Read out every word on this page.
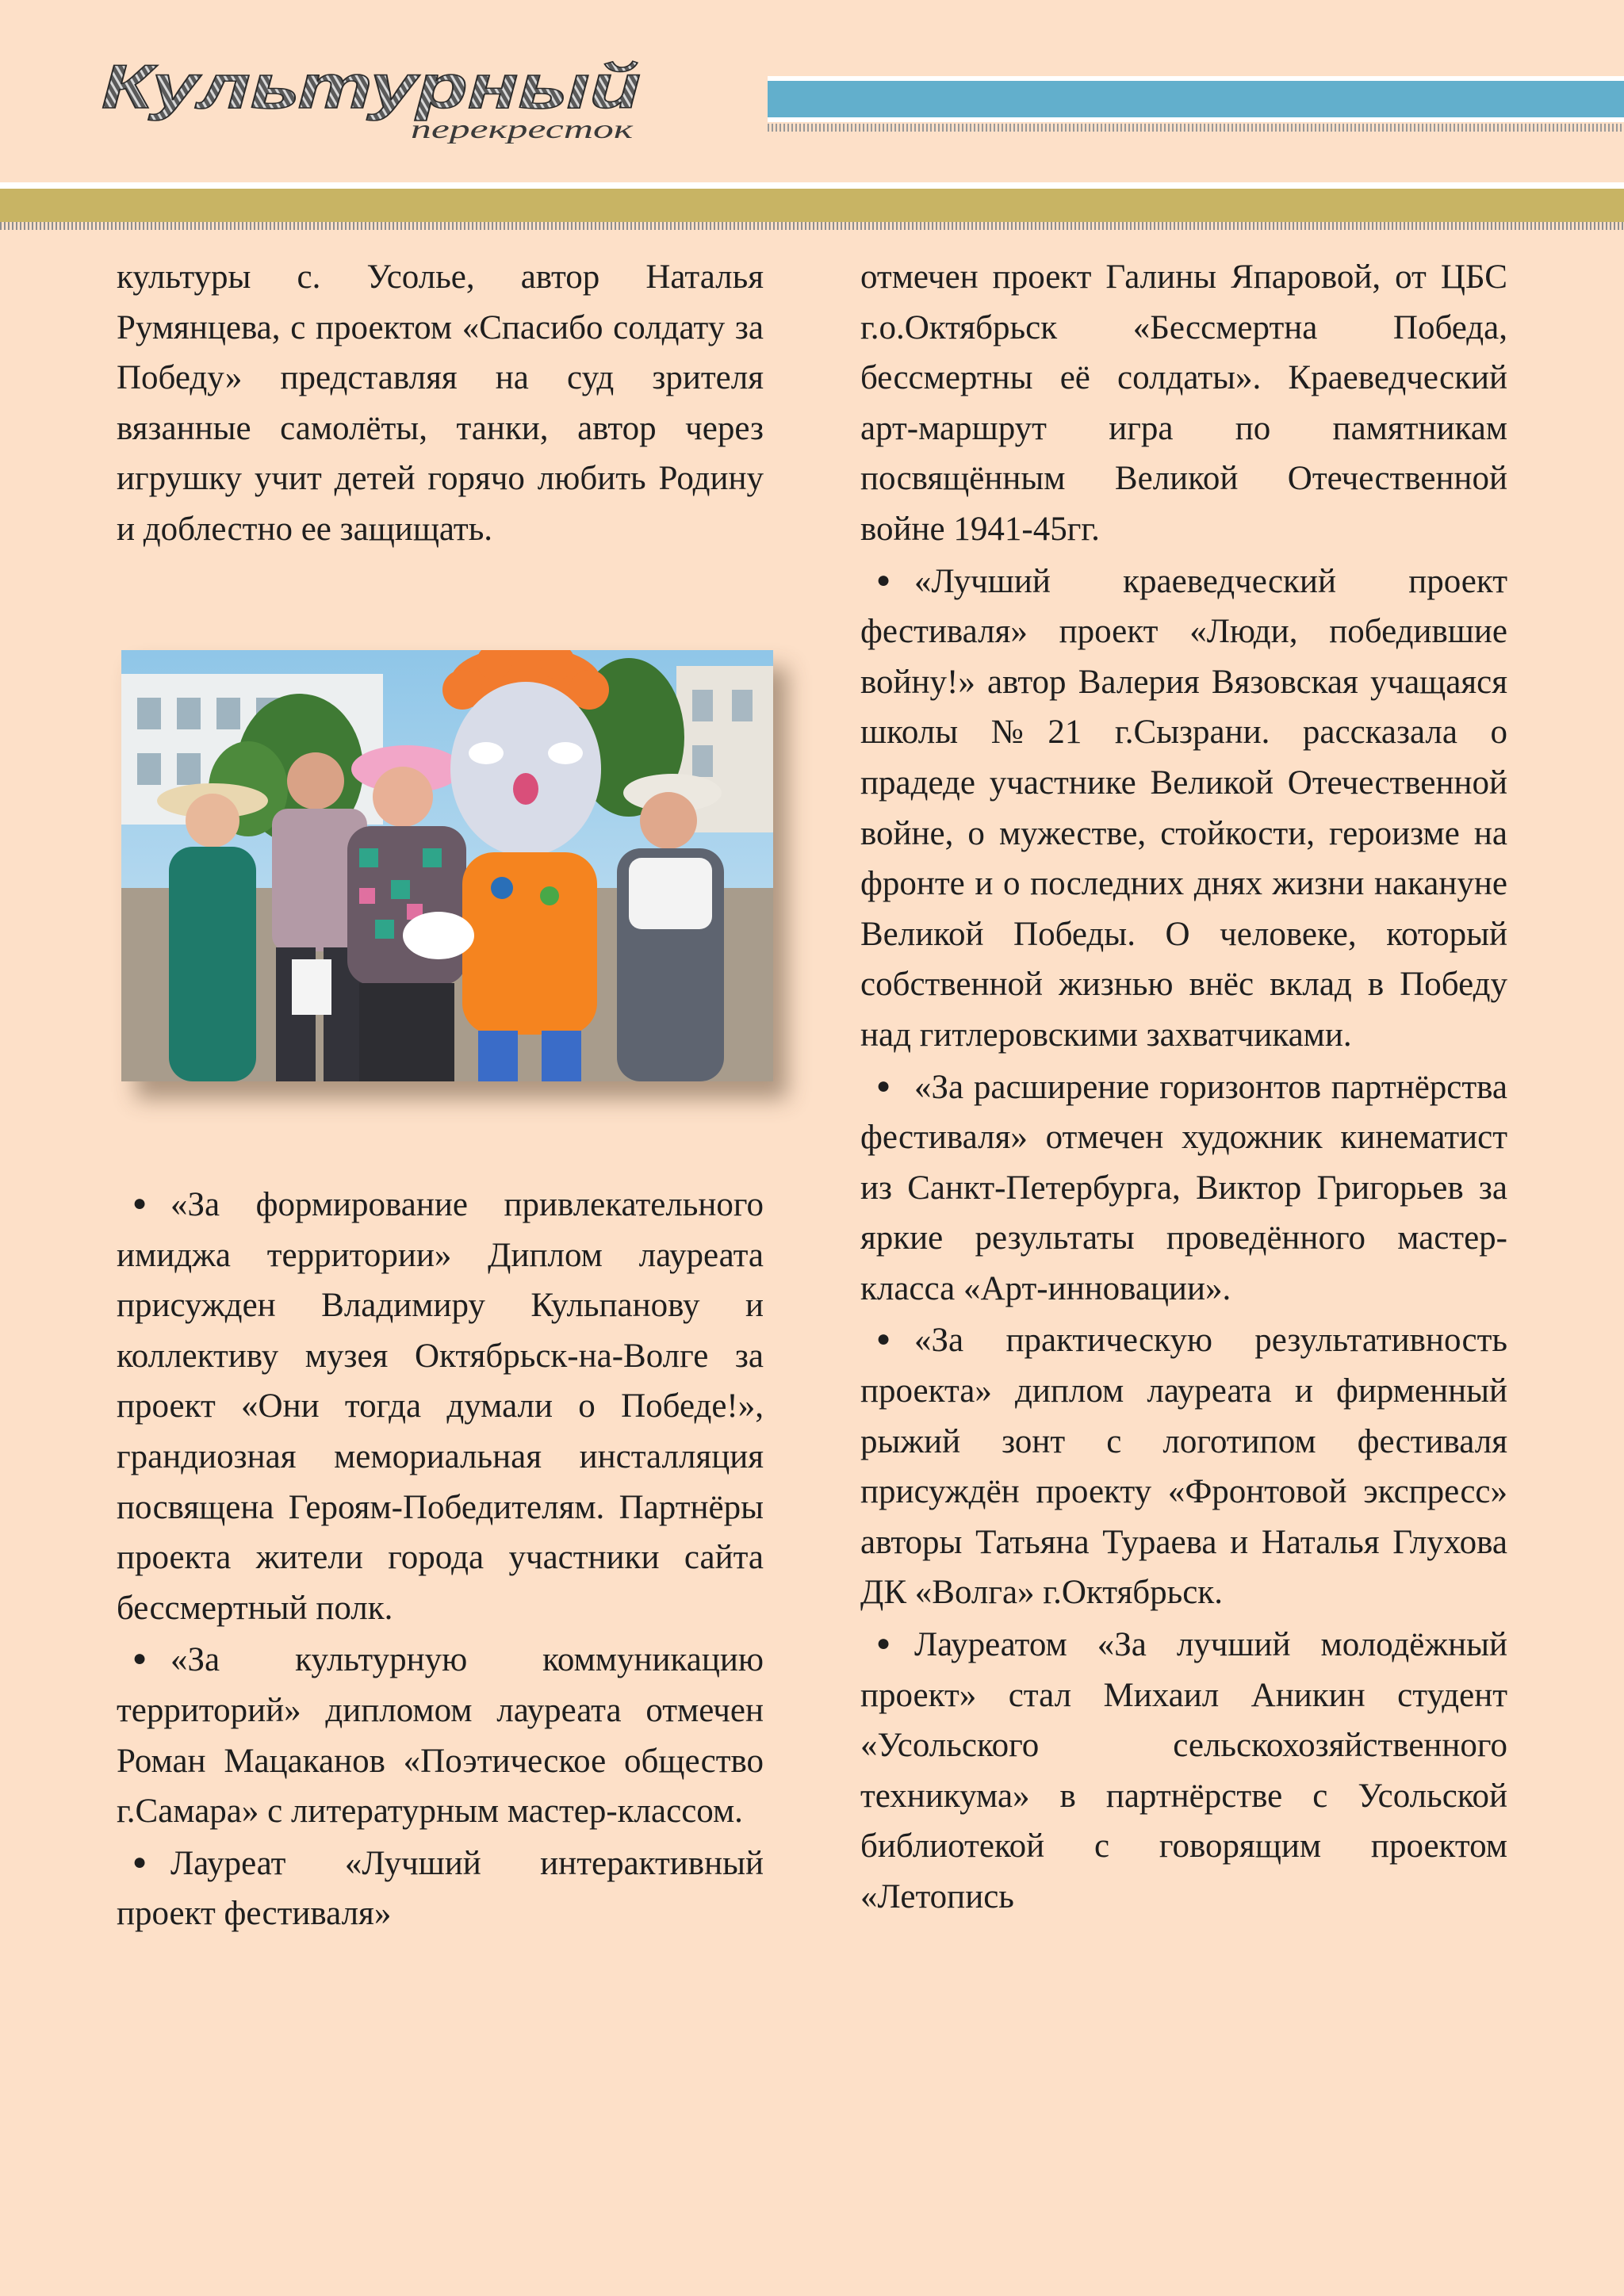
Культурный
перекресток

культуры с. Усолье, автор Наталья Румянцева, с проектом «Спасибо солдату за Победу» представляя на суд зрителя вязанные самолёты, танки, автор через игрушку учит детей горячо любить Родину и доблестно ее защищать.

● «За формирование привлекательного имиджа территории» Диплом лауреата присужден Владимиру Кульпанову и коллективу музея Октябрьск-на-Волге за проект «Они тогда думали о Победе!», грандиозная мемориальная инсталляция посвящена Героям-Победителям. Партнёры проекта жители города участники сайта бессмертный полк.

● «За культурную коммуникацию территорий» дипломом лауреата отмечен Роман Мацаканов «Поэтическое общество г.Самара» с литературным мастер-классом.

● Лауреат «Лучший интерактивный проект фестиваля»

отмечен проект Галины Япаровой, от ЦБС г.о.Октябрьск «Бессмертна Победа, бессмертны её солдаты». Краеведческий арт-маршрут игра по памятникам посвящённым Великой Отечественной войне 1941-45гг.

● «Лучший краеведческий проект фестиваля» проект «Люди, победившие войну!» автор Валерия Вязовская учащаяся школы №21 г.Сызрани. рассказала о прадеде участнике Великой Отечественной войне, о мужестве, стойкости, героизме на фронте и о последних днях жизни накануне Великой Победы. О человеке, который собственной жизнью внёс вклад в Победу над гитлеровскими захватчиками.

● «За расширение горизонтов партнёрства фестиваля» отмечен художник кинематист из Санкт-Петербурга, Виктор Григорьев за яркие результаты проведённого мастер-класса «Арт-инновации».

● «За практическую результативность проекта» диплом лауреата и фирменный рыжий зонт с логотипом фестиваля присуждён проекту «Фронтовой экспресс» авторы Татьяна Тураева и Наталья Глухова ДК «Волга» г.Октябрьск.

● Лауреатом «За лучший молодёжный проект» стал Михаил Аникин студент «Усольского сельскохозяйственного техникума» в партнёрстве с Усольской библиотекой с говорящим проектом «Летопись
